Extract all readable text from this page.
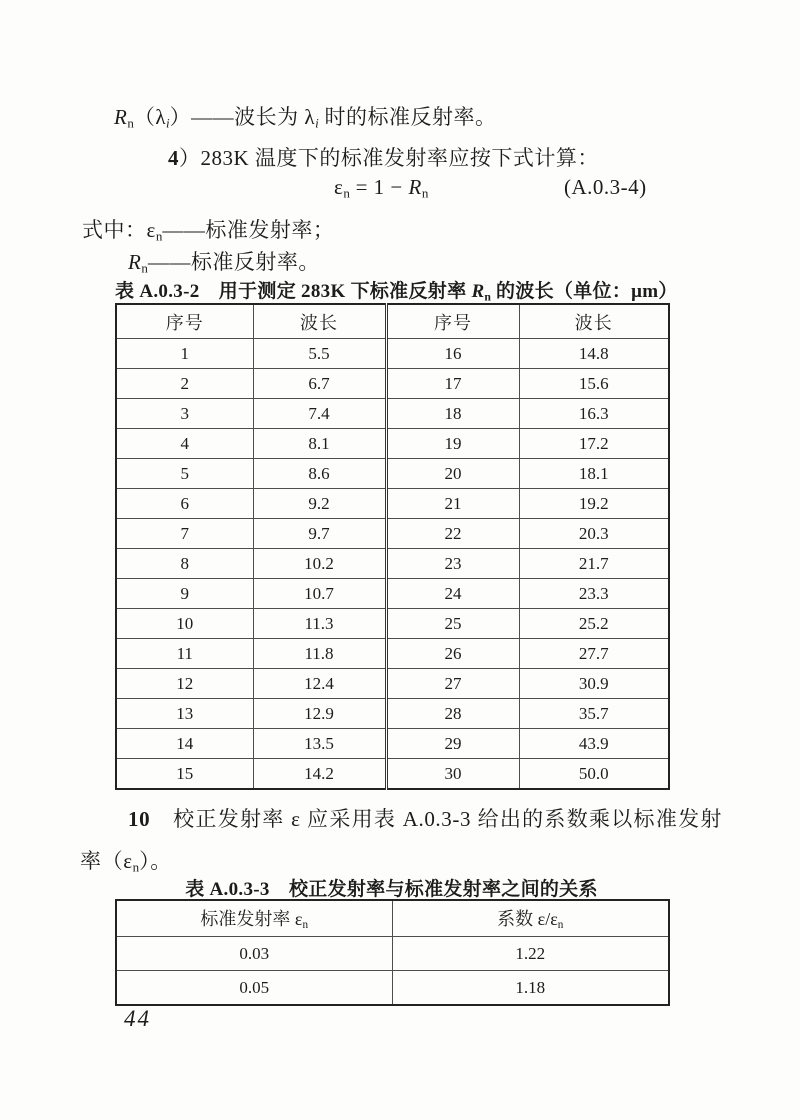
$R_n(\lambda_i)——$波长为 $\lambda_i$ 时的标准反射率。
4）283K 温度下的标准发射率应按下式计算：
$\varepsilon_n = 1 - R_n$	(A.0.3-4)
式中：$\varepsilon_n——$标准发射率；
$R_n——$标准反射率。
表 A.0.3-2　用于测定 283K 下标准反射率 $R_n$ 的波长（单位：μm）
序号	波长	序号	波长
1	5.5	16	14.8
2	6.7	17	15.6
3	7.4	18	16.3
4	8.1	19	17.2
5	8.6	20	18.1
6	9.2	21	19.2
7	9.7	22	20.3
8	10.2	23	21.7
9	10.7	24	23.3
10	11.3	25	25.2
11	11.8	26	27.7
12	12.4	27	30.9
13	12.9	28	35.7
14	13.5	29	43.9
15	14.2	30	50.0
10　校正发射率 ε 应采用表 A.0.3-3 给出的系数乘以标准发射率$(\varepsilon_n)$。
表 A.0.3-3　校正发射率与标准发射率之间的关系
标准发射率 $\varepsilon_n$	系数 $\varepsilon/\varepsilon_n$
0.03	1.22
0.05	1.18
44
